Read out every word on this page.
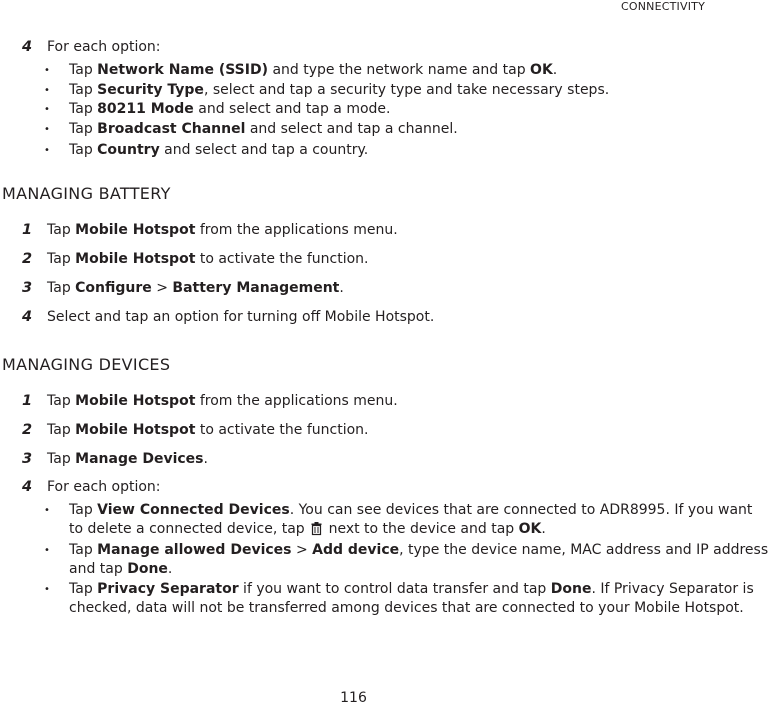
CONNECTIVITY
4 For each option:
• Tap Network Name (SSID) and type the network name and tap OK.
• Tap Security Type, select and tap a security type and take necessary steps.
• Tap 80211 Mode and select and tap a mode.
• Tap Broadcast Channel and select and tap a channel.
• Tap Country and select and tap a country.
MANAGING BATTERY
1 Tap Mobile Hotspot from the applications menu.
2 Tap Mobile Hotspot to activate the function.
3 Tap Configure > Battery Management.
4 Select and tap an option for turning off Mobile Hotspot.
MANAGING DEVICES
1 Tap Mobile Hotspot from the applications menu.
2 Tap Mobile Hotspot to activate the function.
3 Tap Manage Devices.
4 For each option:
• Tap View Connected Devices. You can see devices that are connected to ADR8995. If you want
to delete a connected device, tap  next to the device and tap OK.
• Tap Manage allowed Devices > Add device, type the device name, MAC address and IP address
and tap Done.
• Tap Privacy Separator if you want to control data transfer and tap Done. If Privacy Separator is
checked, data will not be transferred among devices that are connected to your Mobile Hotspot.
116
